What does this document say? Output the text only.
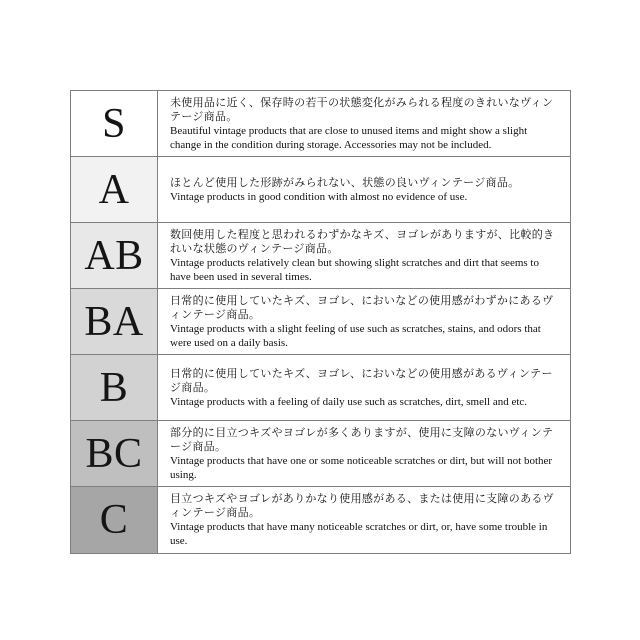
S	未使用品に近く、保存時の若干の状態変化がみられる程度のきれいなヴィンテージ商品。

Beautiful vintage products that are close to unused items and might show a slight change in the condition during storage. Accessories may not be included.

A	ほとんど使用した形跡がみられない、状態の良いヴィンテージ商品。

Vintage products in good condition with almost no evidence of use.

AB 数回使用した程度と思われるわずかなキズ、ヨゴレがありますが、比較的きれいな状態のヴィンテージ商品。

Vintage products relatively clean but showing slight scratches and dirt that seems to have been used in several times.

BA 日常的に使用していたキズ、ヨゴレ、においなどの使用感がわずかにあるヴィンテージ商品。

Vintage products with a slight feeling of use such as scratches, stains, and odors that were used on a daily basis.

B	日常的に使用していたキズ、ヨゴレ、においなどの使用感があるヴィンテージ商品。

Vintage products with a feeling of daily use such as scratches, dirt, smell and etc.

BC 部分的に目立つキズやヨゴレが多くありますが、使用に支障のないヴィンテージ商品。

Vintage products that have one or some noticeable scratches or dirt, but will not bother using.

C	目立つキズやヨゴレがありかなり使用感がある、または使用に支障のあるヴィンテージ商品。

Vintage products that have many noticeable scratches or dirt, or, have some trouble in use.
